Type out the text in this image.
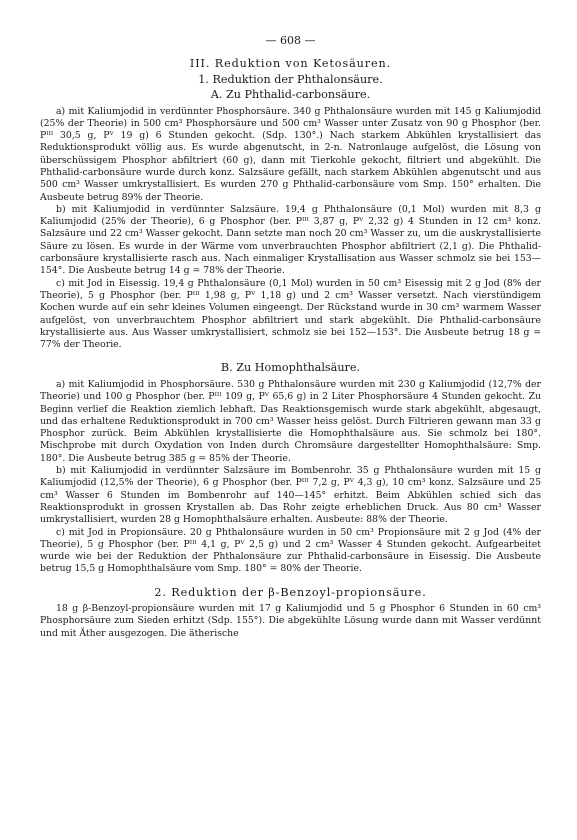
— 608 —
III. Reduktion von Ketosäuren.
1. Reduktion der Phthalonsäure.
A. Zu Phthalid-carbonsäure.

a) mit Kaliumjodid in verdünnter Phosphorsäure. 340 g Phthalonsäure wurden mit 145 g Kaliumjodid (25% der Theorie) in 500 cm³ Phosphorsäure und 500 cm³ Wasser unter Zusatz von 90 g Phosphor (ber. Pᴵᴵᴵ 30,5 g, Pⱽ 19 g) 6 Stunden gekocht. (Sdp. 130°.) Nach starkem Abkühlen krystallisiert das Reduktionsprodukt völlig aus. Es wurde abgenutscht, in 2-n. Natronlauge aufgelöst, die Lösung von überschüssigem Phosphor abfiltriert (60 g), dann mit Tierkohle gekocht, filtriert und abgekühlt. Die Phthalid-carbonsäure wurde durch konz. Salzsäure gefällt, nach starkem Abkühlen abgenutscht und aus 500 cm³ Wasser umkrystallisiert. Es wurden 270 g Phthalid-carbonsäure vom Smp. 150° erhalten. Die Ausbeute betrug 89% der Theorie.

b) mit Kaliumjodid in verdünnter Salzsäure. 19,4 g Phthalonsäure (0,1 Mol) wurden mit 8,3 g Kaliumjodid (25% der Theorie), 6 g Phosphor (ber. Pᴵᴵᴵ 3,87 g, Pⱽ 2,32 g) 4 Stunden in 12 cm³ konz. Salzsäure und 22 cm³ Wasser gekocht. Dann setzte man noch 20 cm³ Wasser zu, um die auskrystallisierte Säure zu lösen. Es wurde in der Wärme vom unverbrauchten Phosphor abfiltriert (2,1 g). Die Phthalid-carbonsäure krystallisierte rasch aus. Nach einmaliger Krystallisation aus Wasser schmolz sie bei 153—154°. Die Ausbeute betrug 14 g = 78% der Theorie.

c) mit Jod in Eisessig. 19,4 g Phthalonsäure (0,1 Mol) wurden in 50 cm³ Eisessig mit 2 g Jod (8% der Theorie), 5 g Phosphor (ber. Pᴵᴵᴵ 1,98 g, Pⱽ 1,18 g) und 2 cm³ Wasser versetzt. Nach vierstündigem Kochen wurde auf ein sehr kleines Volumen eingeengt. Der Rückstand wurde in 30 cm³ warmem Wasser aufgelöst, von unverbrauchtem Phosphor abfiltriert und stark abgekühlt. Die Phthalid-carbonsäure krystallisierte aus. Aus Wasser umkrystallisiert, schmolz sie bei 152—153°. Die Ausbeute betrug 18 g = 77% der Theorie.

B. Zu Homophthalsäure.

a) mit Kaliumjodid in Phosphorsäure. 530 g Phthalonsäure wurden mit 230 g Kaliumjodid (12,7% der Theorie) und 100 g Phosphor (ber. Pᴵᴵᴵ 109 g, Pⱽ 65,6 g) in 2 Liter Phosphorsäure 4 Stunden gekocht. Zu Beginn verlief die Reaktion ziemlich lebhaft. Das Reaktionsgemisch wurde stark abgekühlt, abgesaugt, und das erhaltene Reduktionsprodukt in 700 cm³ Wasser heiss gelöst. Durch Filtrieren gewann man 33 g Phosphor zurück. Beim Abkühlen krystallisierte die Homophthalsäure aus. Sie schmolz bei 180°. Mischprobe mit durch Oxydation von Inden durch Chromsäure dargestellter Homophthalsäure: Smp. 180°. Die Ausbeute betrug 385 g = 85% der Theorie.

b) mit Kaliumjodid in verdünnter Salzsäure im Bombenrohr. 35 g Phthalonsäure wurden mit 15 g Kaliumjodid (12,5% der Theorie), 6 g Phosphor (ber. Pᴵᴵᴵ 7,2 g, Pⱽ 4,3 g), 10 cm³ konz. Salzsäure und 25 cm³ Wasser 6 Stunden im Bombenrohr auf 140—145° erhitzt. Beim Abkühlen schied sich das Reaktionsprodukt in grossen Krystallen ab. Das Rohr zeigte erheblichen Druck. Aus 80 cm³ Wasser umkrystallisiert, wurden 28 g Homophthalsäure erhalten. Ausbeute: 88% der Theorie.

c) mit Jod in Propionsäure. 20 g Phthalonsäure wurden in 50 cm³ Propionsäure mit 2 g Jod (4% der Theorie), 5 g Phosphor (ber. Pᴵᴵᴵ 4,1 g, Pⱽ 2,5 g) und 2 cm³ Wasser 4 Stunden gekocht. Aufgearbeitet wurde wie bei der Reduktion der Phthalonsäure zur Phthalid-carbonsäure in Eisessig. Die Ausbeute betrug 15,5 g Homophthalsäure vom Smp. 180° = 80% der Theorie.

2. Reduktion der β-Benzoyl-propionsäure.

18 g β-Benzoyl-propionsäure wurden mit 17 g Kaliumjodid und 5 g Phosphor 6 Stunden in 60 cm³ Phosphorsäure zum Sieden erhitzt (Sdp. 155°). Die abgekühlte Lösung wurde dann mit Wasser verdünnt und mit Äther ausgezogen. Die ätherische
